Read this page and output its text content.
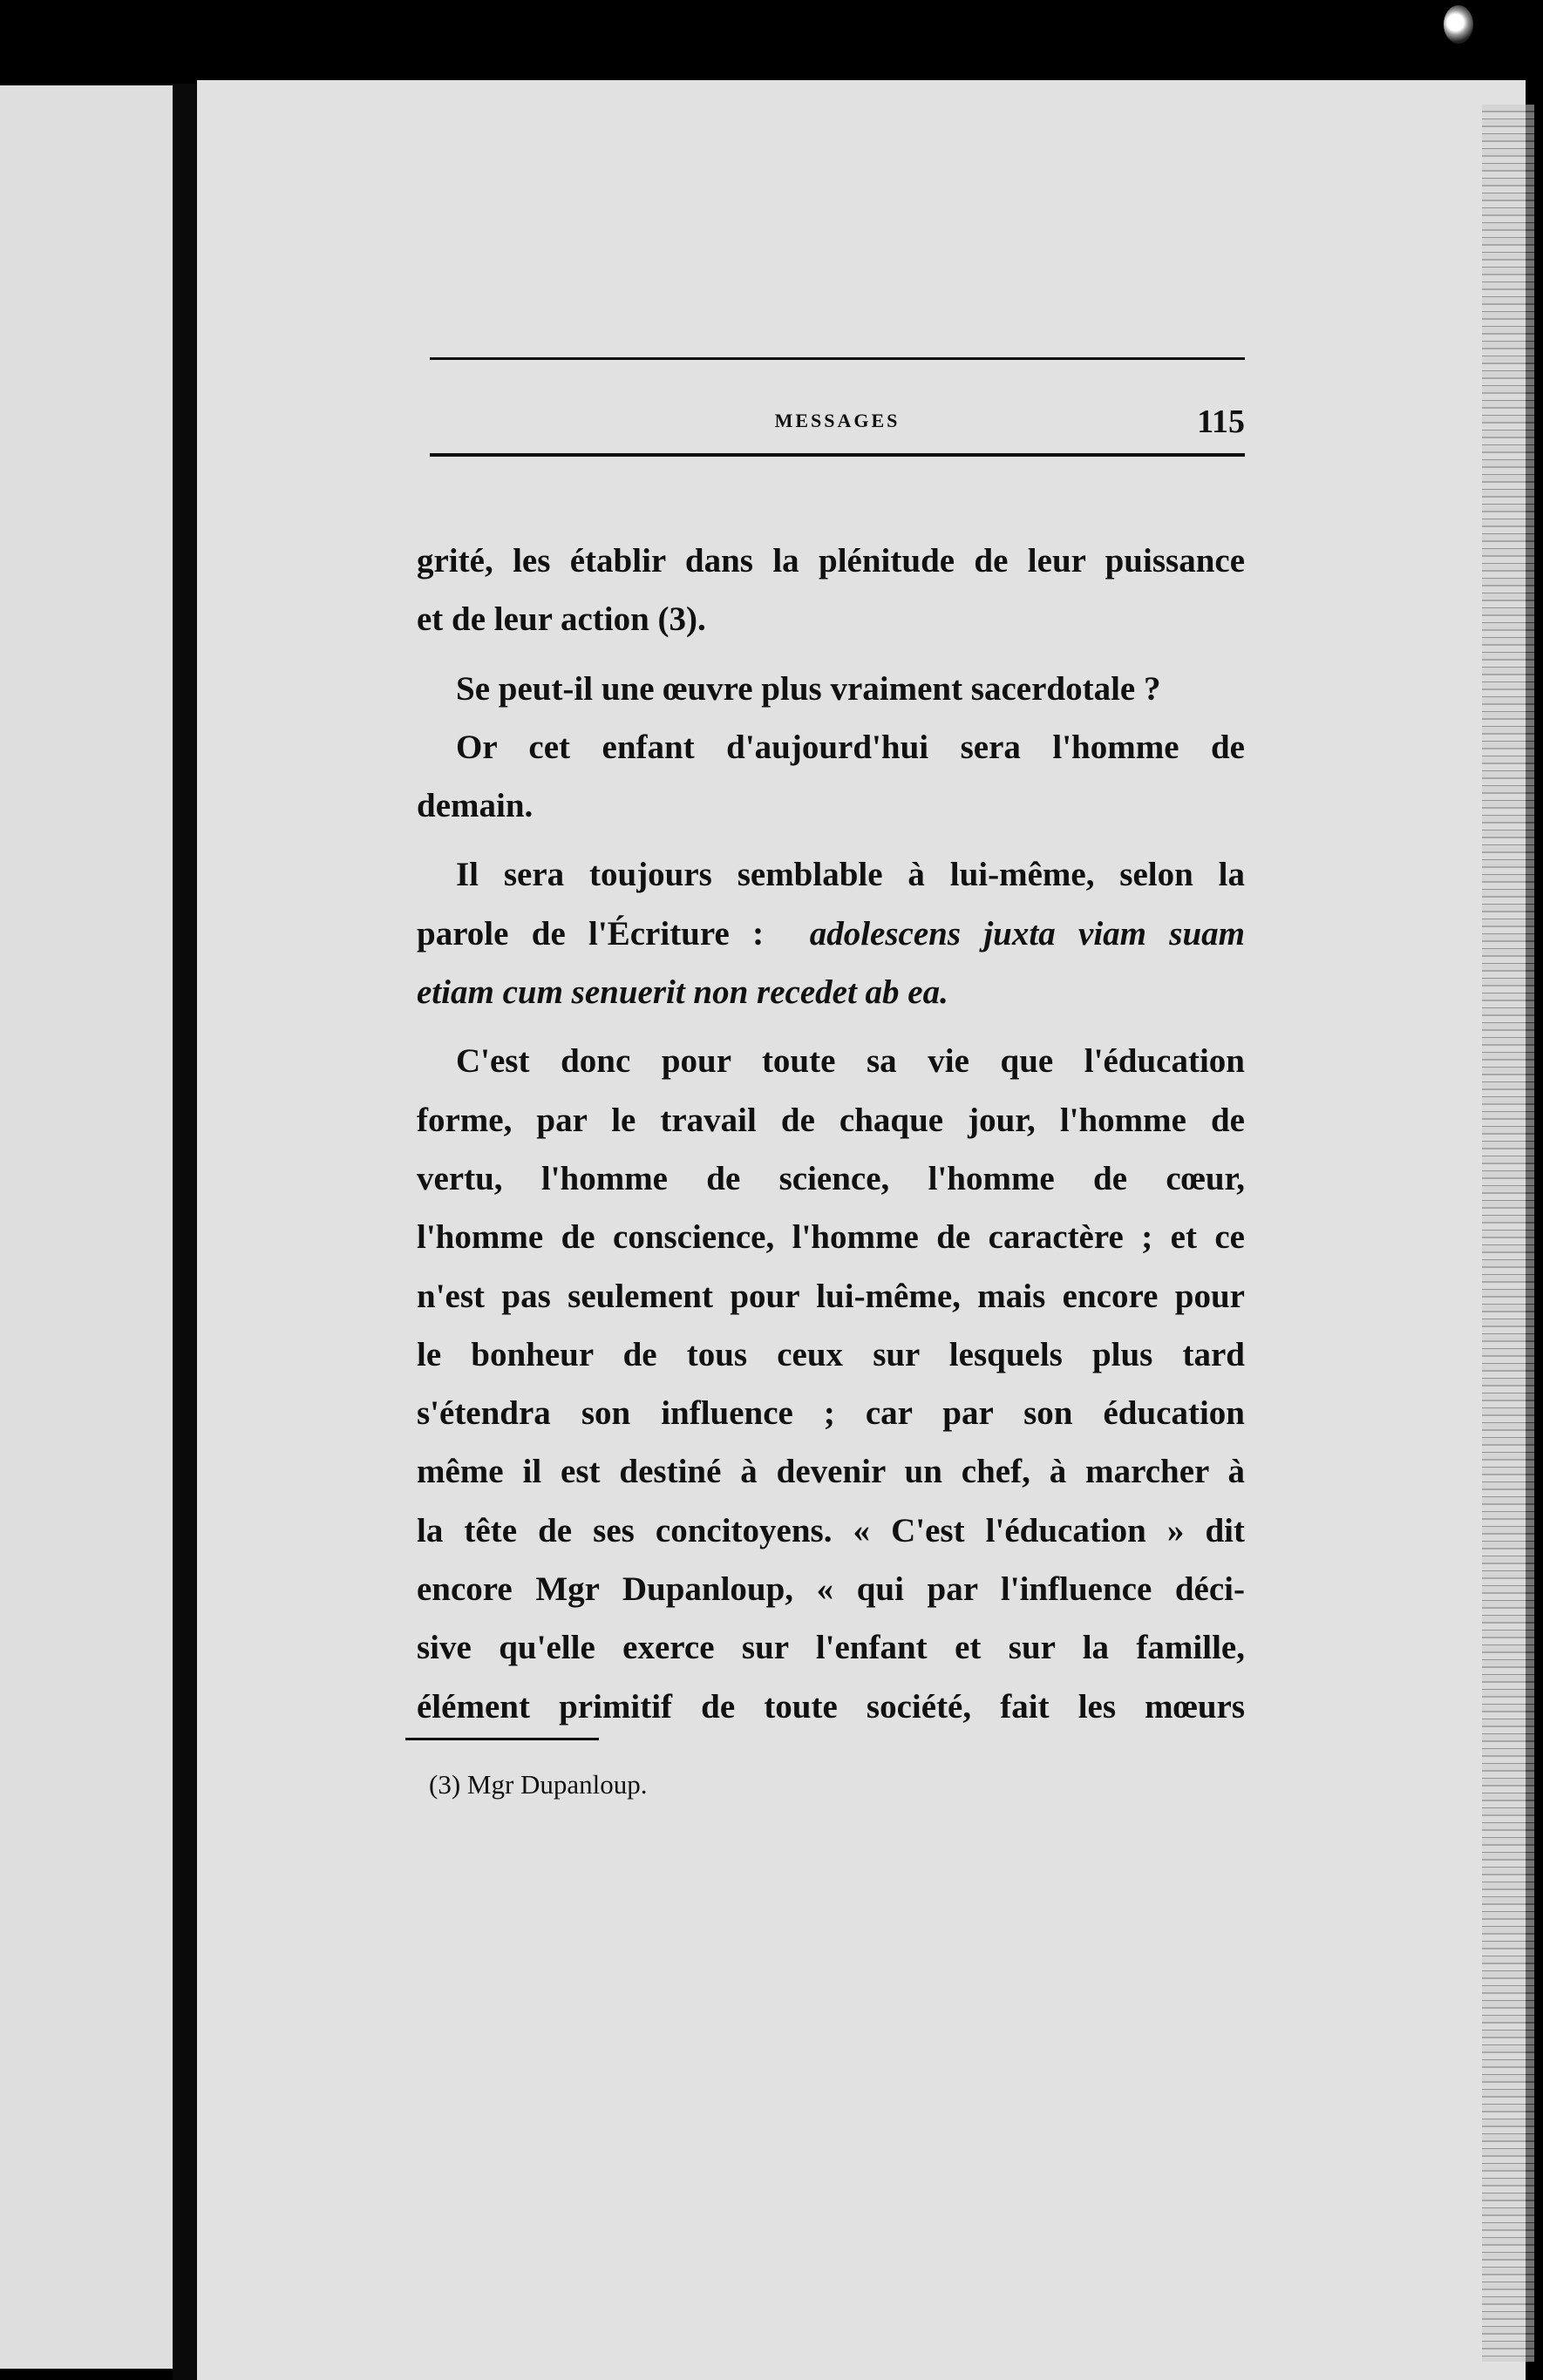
MESSAGES	115
grité, les établir dans la plénitude de leur puissance
et de leur action (3).
Se peut-il une œuvre plus vraiment sacerdotale ?
Or cet enfant d'aujourd'hui sera l'homme de
demain.
Il sera toujours semblable à lui-même, selon la
parole de l'Écriture : adolescens juxta viam suam
etiam cum senuerit non recedet ab ea.
C'est donc pour toute sa vie que l'éducation
forme, par le travail de chaque jour, l'homme de
vertu, l'homme de science, l'homme de cœur,
l'homme de conscience, l'homme de caractère ; et ce
n'est pas seulement pour lui-même, mais encore pour
le bonheur de tous ceux sur lesquels plus tard
s'étendra son influence ; car par son éducation
même il est destiné à devenir un chef, à marcher à
la tête de ses concitoyens. « C'est l'éducation » dit
encore Mgr Dupanloup, « qui par l'influence déci-
sive qu'elle exerce sur l'enfant et sur la famille,
élément primitif de toute société, fait les mœurs
(3) Mgr Dupanloup.
